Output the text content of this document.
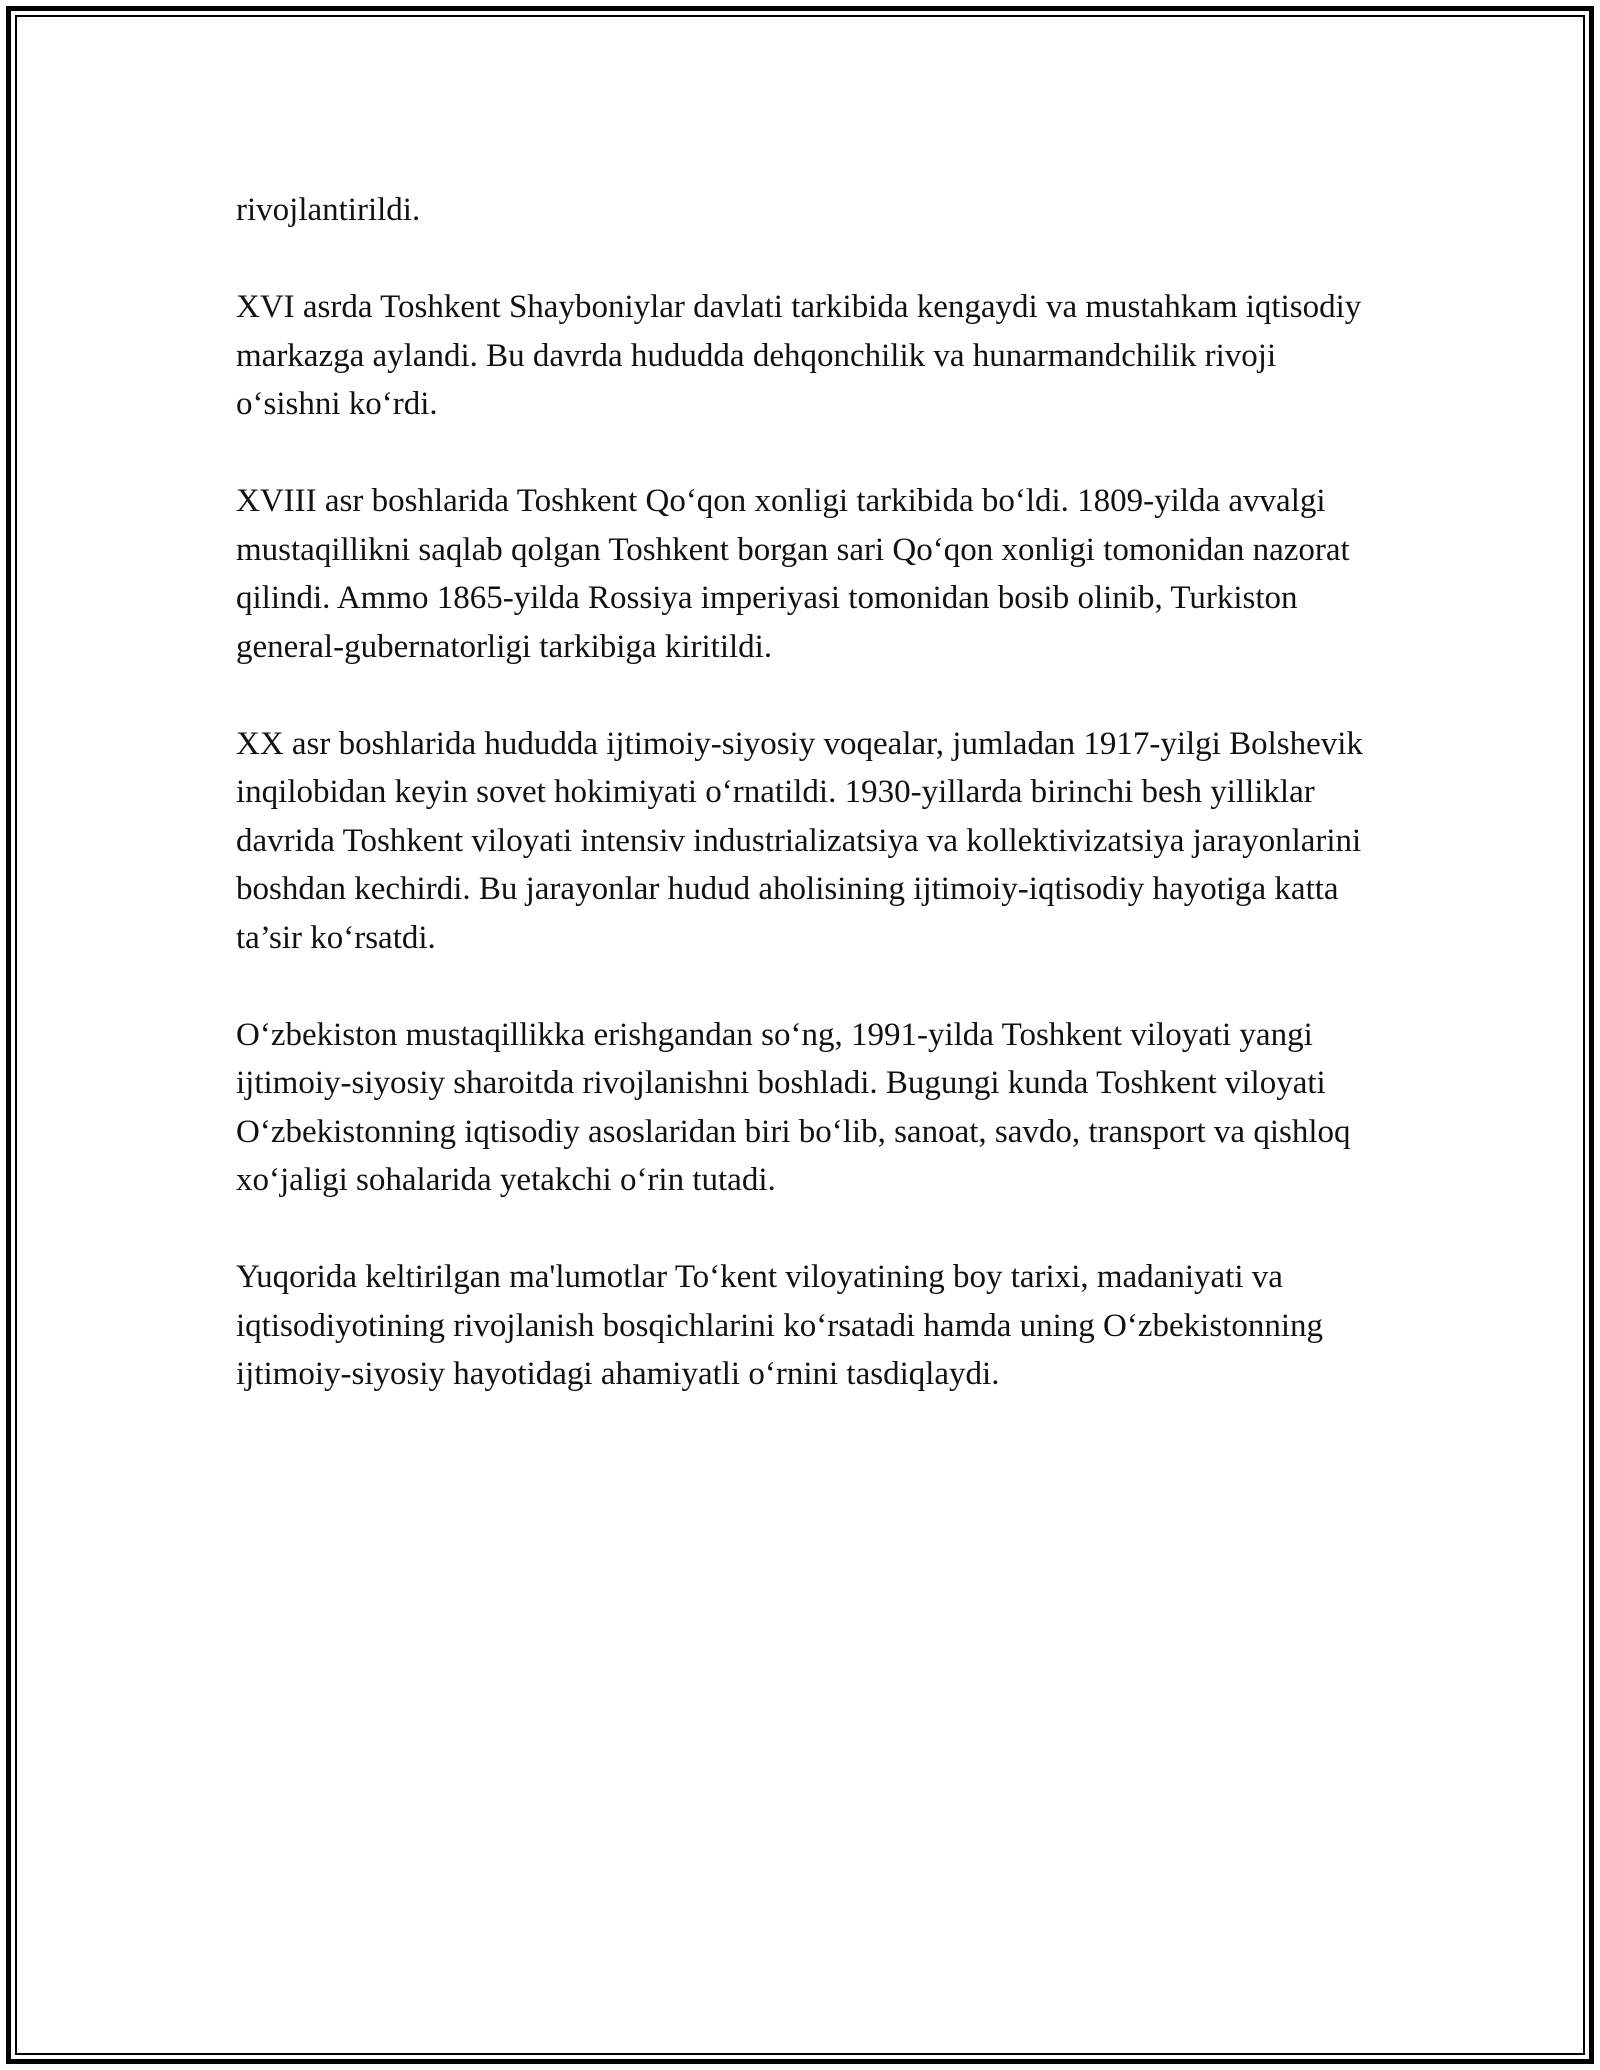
rivojlantirildi.

XVI asrda Toshkent Shayboniylar davlati tarkibida kengaydi va mustahkam iqtisodiy markazga aylandi. Bu davrda hududda dehqonchilik va hunarmandchilik rivoji o‘sishni ko‘rdi.

XVIII asr boshlarida Toshkent Qo‘qon xonligi tarkibida bo‘ldi. 1809-yilda avvalgi mustaqillikni saqlab qolgan Toshkent borgan sari Qo‘qon xonligi tomonidan nazorat qilindi. Ammo 1865-yilda Rossiya imperiyasi tomonidan bosib olinib, Turkiston general-gubernatorligi tarkibiga kiritildi.

XX asr boshlarida hududda ijtimoiy-siyosiy voqealar, jumladan 1917-yilgi Bolshevik inqilobidan keyin sovet hokimiyati o‘rnatildi. 1930-yillarda birinchi besh yilliklar davrida Toshkent viloyati intensiv industrializatsiya va kollektivizatsiya jarayonlarini boshdan kechirdi. Bu jarayonlar hudud aholisining ijtimoiy-iqtisodiy hayotiga katta ta’sir ko‘rsatdi.

O‘zbekiston mustaqillikka erishgandan so‘ng, 1991-yilda Toshkent viloyati yangi ijtimoiy-siyosiy sharoitda rivojlanishni boshladi. Bugungi kunda Toshkent viloyati O‘zbekistonning iqtisodiy asoslaridan biri bo‘lib, sanoat, savdo, transport va qishloq xo‘jaligi sohalarida yetakchi o‘rin tutadi.

Yuqorida keltirilgan ma'lumotlar To‘kent viloyatining boy tarixi, madaniyati va iqtisodiyotining rivojlanish bosqichlarini ko‘rsatadi hamda uning O‘zbekistonning ijtimoiy-siyosiy hayotidagi ahamiyatli o‘rnini tasdiqlaydi.
